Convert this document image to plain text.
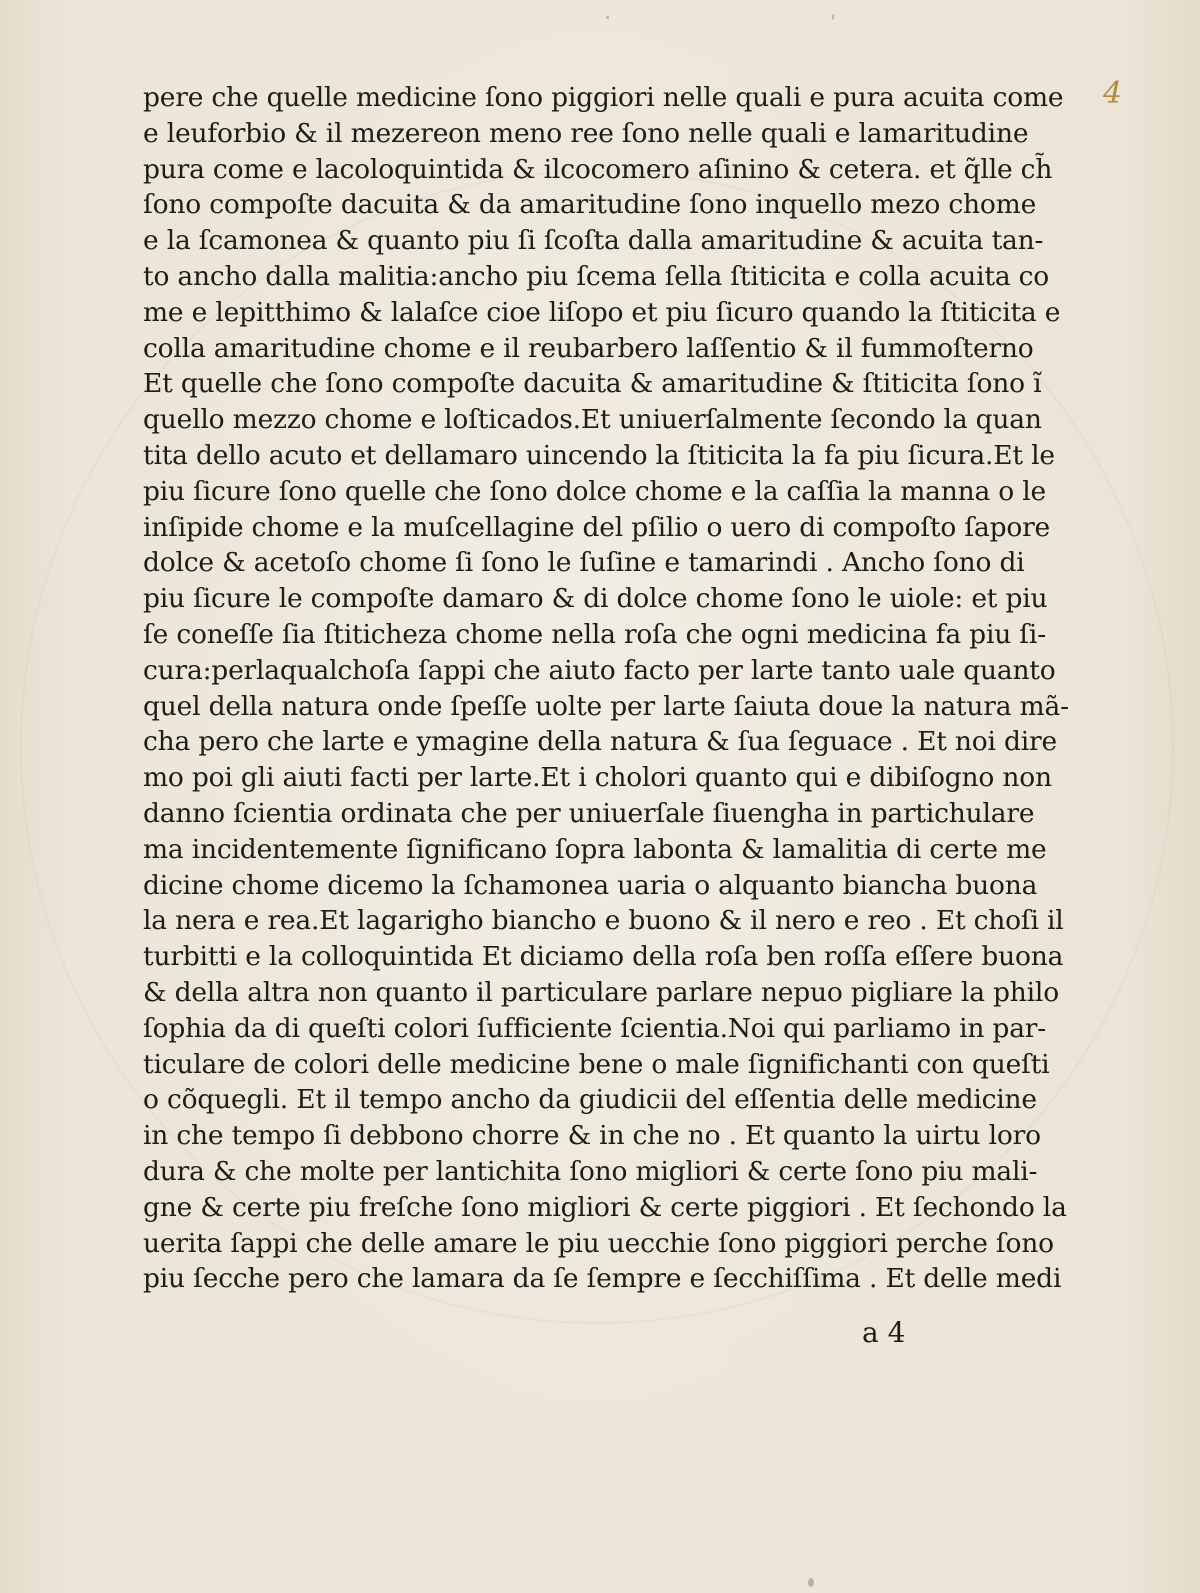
4
pere che quelle medicine ſono piggiori nelle quali e pura acuita come
e leuforbio & il mezereon meno ree ſono nelle quali e lamaritudine
pura come e lacoloquintida & ilcocomero aſinino & cetera. et q̃lle ch̃
ſono compoſte dacuita & da amaritudine ſono inquello mezo chome
e la ſcamonea & quanto piu ſi ſcoſta dalla amaritudine & acuita tan-
to ancho dalla malitia:ancho piu ſcema ſella ſtiticita e colla acuita co
me e lepitthimo & lalaſce cioe liſopo et piu ſicuro quando la ſtiticita e
colla amaritudine chome e il reubarbero laſſentio & il fummoſterno
Et quelle che ſono compoſte dacuita & amaritudine & ſtiticita ſono ĩ
quello mezzo chome e loſticados.Et uniuerſalmente ſecondo la quan
tita dello acuto et dellamaro uincendo la ſtiticita la fa piu ſicura.Et le
piu ſicure ſono quelle che ſono dolce chome e la caſſia la manna o le
inſipide chome e la muſcellagine del pſilio o uero di compoſto ſapore
dolce & acetoſo chome ſi ſono le ſuſine e tamarindi . Ancho ſono di
piu ſicure le compoſte damaro & di dolce chome ſono le uiole: et piu
ſe coneſſe ſia ſtiticheza chome nella roſa che ogni medicina fa piu ſi-
cura:perlaqualchoſa ſappi che aiuto facto per larte tanto uale quanto
quel della natura onde ſpeſſe uolte per larte ſaiuta doue la natura mã-
cha pero che larte e ymagine della natura & ſua ſeguace . Et noi dire
mo poi gli aiuti facti per larte.Et i cholori quanto qui e dibiſogno non
danno ſcientia ordinata che per uniuerſale ſiuengha in partichulare
ma incidentemente ſignificano ſopra labonta & lamalitia di certe me
dicine chome dicemo la ſchamonea uaria o alquanto biancha buona
la nera e rea.Et lagarigho biancho e buono & il nero e reo . Et choſi il
turbitti e la colloquintida Et diciamo della roſa ben roſſa eſſere buona
& della altra non quanto il particulare parlare nepuo pigliare la philo
ſophia da di queſti colori ſufficiente ſcientia.Noi qui parliamo in par-
ticulare de colori delle medicine bene o male ſignifichanti con queſti
o cõquegli. Et il tempo ancho da giudicii del eſſentia delle medicine
in che tempo ſi debbono chorre & in che no . Et quanto la uirtu loro
dura & che molte per lantichita ſono migliori & certe ſono piu mali-
gne & certe piu freſche ſono migliori & certe piggiori . Et ſechondo la
uerita ſappi che delle amare le piu uecchie ſono piggiori perche ſono
piu ſecche pero che lamara da ſe ſempre e ſecchiſſima . Et delle medi
a 4
